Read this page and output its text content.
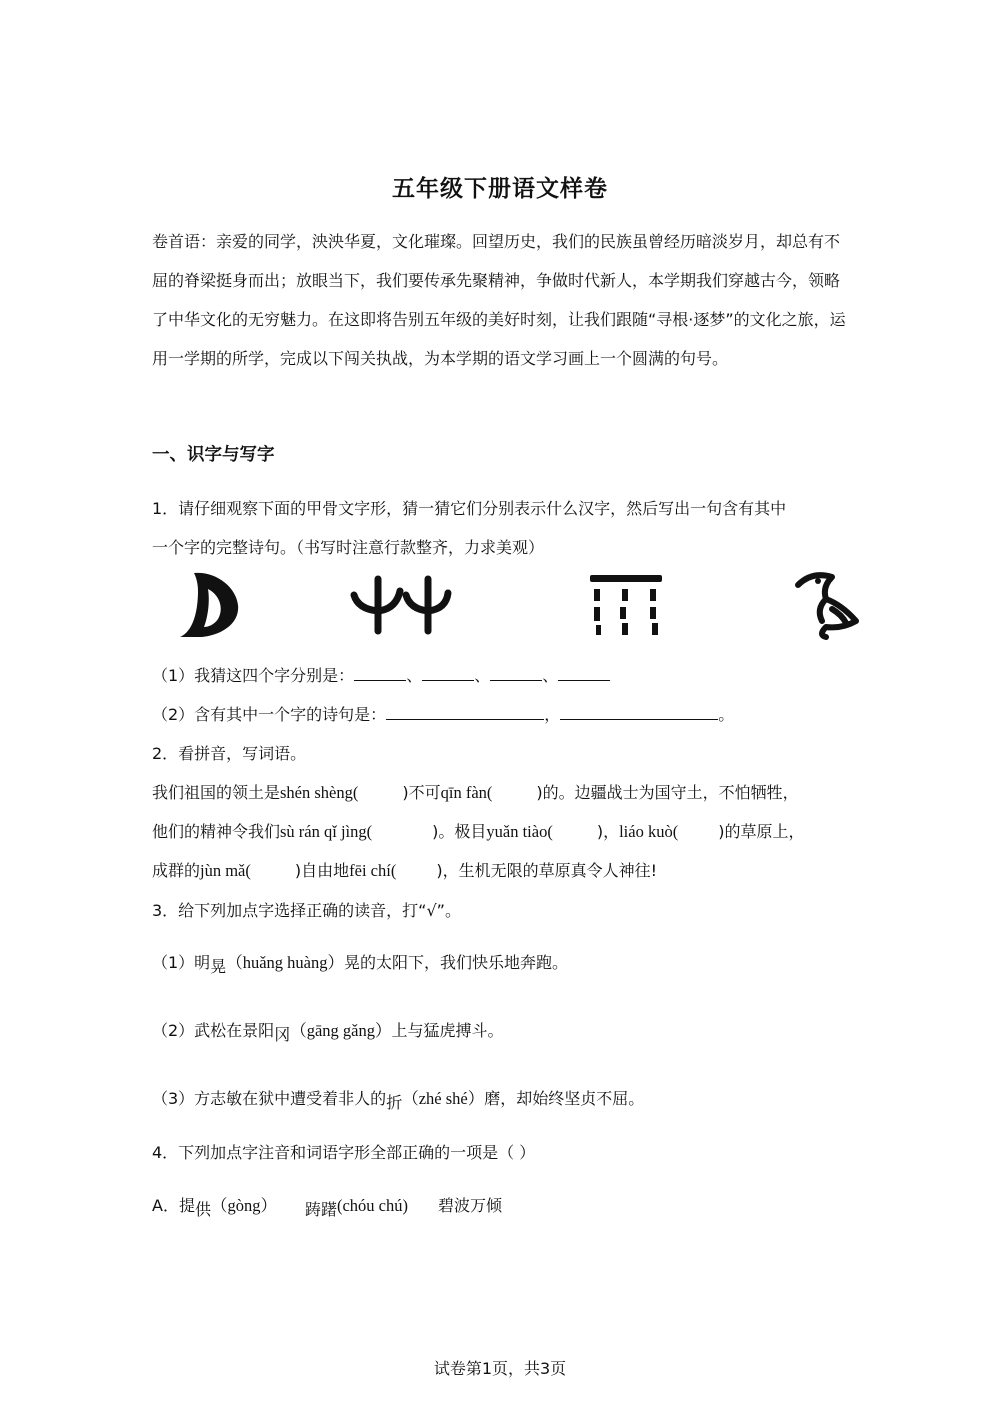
五年级下册语文样卷
卷首语：亲爱的同学，泱泱华夏，文化璀璨。回望历史，我们的民族虽曾经历暗淡岁月，却总有不屈的脊梁挺身而出；放眼当下，我们要传承先聚精神，争做时代新人，本学期我们穿越古今，领略了中华文化的无穷魅力。在这即将告别五年级的美好时刻，让我们跟随“寻根·逐梦”的文化之旅，运用一学期的所学，完成以下闯关执战，为本学期的语文学习画上一个圆满的句号。
一、识字与写字
1．请仔细观察下面的甲骨文字形，猜一猜它们分别表示什么汉字，然后写出一句含有其中
一个字的完整诗句。（书写时注意行款整齐，力求美观）
（1）我猜这四个字分别是：	、	、	、
（2）含有其中一个字的诗句是：	，	。
2．看拼音，写词语。
我们祖国的领土是shén shèng(	)不可qīn fàn(	)的。边疆战士为国守土，不怕牺牲，
他们的精神令我们sù rán qǐ jìng(	)。极目yuǎn tiào(	)，liáo kuò(	)的草原上，
成群的jùn mǎ(	)自由地fēi chí(	)，生机无限的草原真令人神往!
3．给下列加点字选择正确的读音，打“√”。
（1）明晃（huǎng huàng）晃的太阳下，我们快乐地奔跑。
（2）武松在景阳冈（gāng gǎng）上与猛虎搏斗。
（3）方志敏在狱中遭受着非人的折（zhé shé）磨，却始终坚贞不屈。
4．下列加点字注音和词语字形全部正确的一项是（ ）
A．提供（gòng） 踌躇(chóu chú) 碧波万倾
试卷第1页，共3页
